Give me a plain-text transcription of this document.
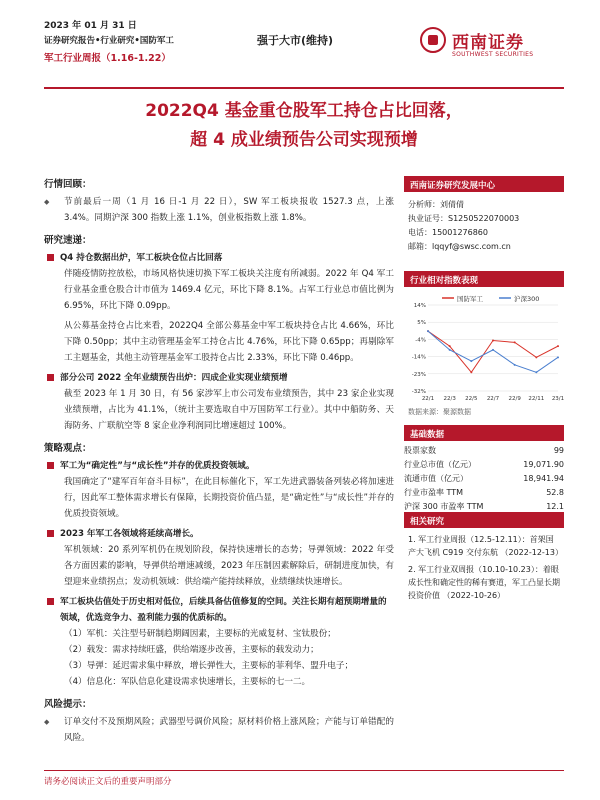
2023 年 01 月 31 日
证券研究报告•行业研究•国防军工
军工行业周报（1.16-1.22）
强于大市(维持)	西南证券
SOUTHWEST SECURITIES
2022Q4 基金重仓股军工持仓占比回落，
超 4 成业绩预告公司实现预增
行情回顾：
◆ 节前最后一周（1 月 16 日-1 月 22 日），SW 军工板块报收 1527.3 点，上涨 3.4%。同期沪深 300 指数上涨 1.1%，创业板指数上涨 1.8%。
研究速递：
Q4 持仓数据出炉，军工板块仓位占比回落
伴随疫情防控放松，市场风格快速切换下军工板块关注度有所减弱。2022 年 Q4 军工行业基金重仓股合计市值为 1469.4 亿元，环比下降 8.1%。占军工行业总市值比例为 6.95%，环比下降 0.09pp。
从公募基金持仓占比来看，2022Q4 全部公募基金中军工板块持仓占比 4.66%，环比下降 0.50pp；其中主动管理基金军工持仓占比 4.76%，环比下降 0.65pp；再剔除军工主题基金，其他主动管理基金军工股持仓占比 2.33%，环比下降 0.46pp。
部分公司 2022 全年业绩预告出炉：四成企业实现业绩预增
截至 2023 年 1 月 30 日，有 56 家涉军上市公司发布业绩预告，其中 23 家企业实现业绩预增，占比为 41.1%，（统计主要选取自中万国防军工行业）。其中中船防务、天海防务、广联航空等 8 家企业净利润同比增速超过 100%。
策略观点：
军工为“确定性”与“成长性”并存的优质投资领域。
我国确定了“建军百年奋斗目标”，在此目标催化下，军工先进武器装备列装必将加速进行，因此军工整体需求增长有保障，长期投资价值凸显，是“确定性”与“成长性”并存的优质投资领域。
2023 年军工各领域将延续高增长。
军机领域：20 系列军机仍在规划阶段，保持快速增长的态势；导弹领域：2022 年受各方面因素的影响，导弹供给增速减缓，2023 年压制因素解除后，研制进度加快，有望迎来业绩拐点；发动机领域：供给端产能持续释放，业绩继续快速增长。
军工板块估值处于历史相对低位，后续具备估值修复的空间。关注长期有超预期增量的领域，优选竞争力、盈利能力强的优质标的。
（1）军机：关注型号研制趋期阔因素，主要标的光威复材、宝钛股份；
（2）载发：需求持续旺盛，供给端逐步改善，主要标的载发动力；
（3）导弹：延迟需求集中释放，增长弹性大，主要标的菲利华、盟升电子；
（4）信息化：军队信息化建设需求快速增长，主要标的七一二。
风险提示：
◆ 订单交付不及预期风险；武器型号调价风险；原材料价格上涨风险；产能与订单错配的风险。
西南证券研究发展中心
分析师：刘倩倩
执业证号：S1250522070003
电话：15001276860
邮箱：lqqyf@swsc.com.cn
行业相对指数表现
14%
5%
-4%
-14%
-23%
-32%
22/1 22/3 22/5 22/7 22/9 22/11 23/1
国防军工	沪深300
数据来源：聚源数据
基础数据
股票家数	99
行业总市值（亿元）	19,071.90
流通市值（亿元）	18,941.94
行业市盈率 TTM	52.8
沪深 300 市盈率 TTM	12.1
相关研究
1. 军工行业周报（12.5-12.11）：首架国产大飞机 C919 交付东航 （2022-12-13）
2. 军工行业双周报（10.10-10.23）：着眼成长性和确定性的稀有赛道，军工凸显长期投资价值 （2022-10-26）
请务必阅读正文后的重要声明部分
